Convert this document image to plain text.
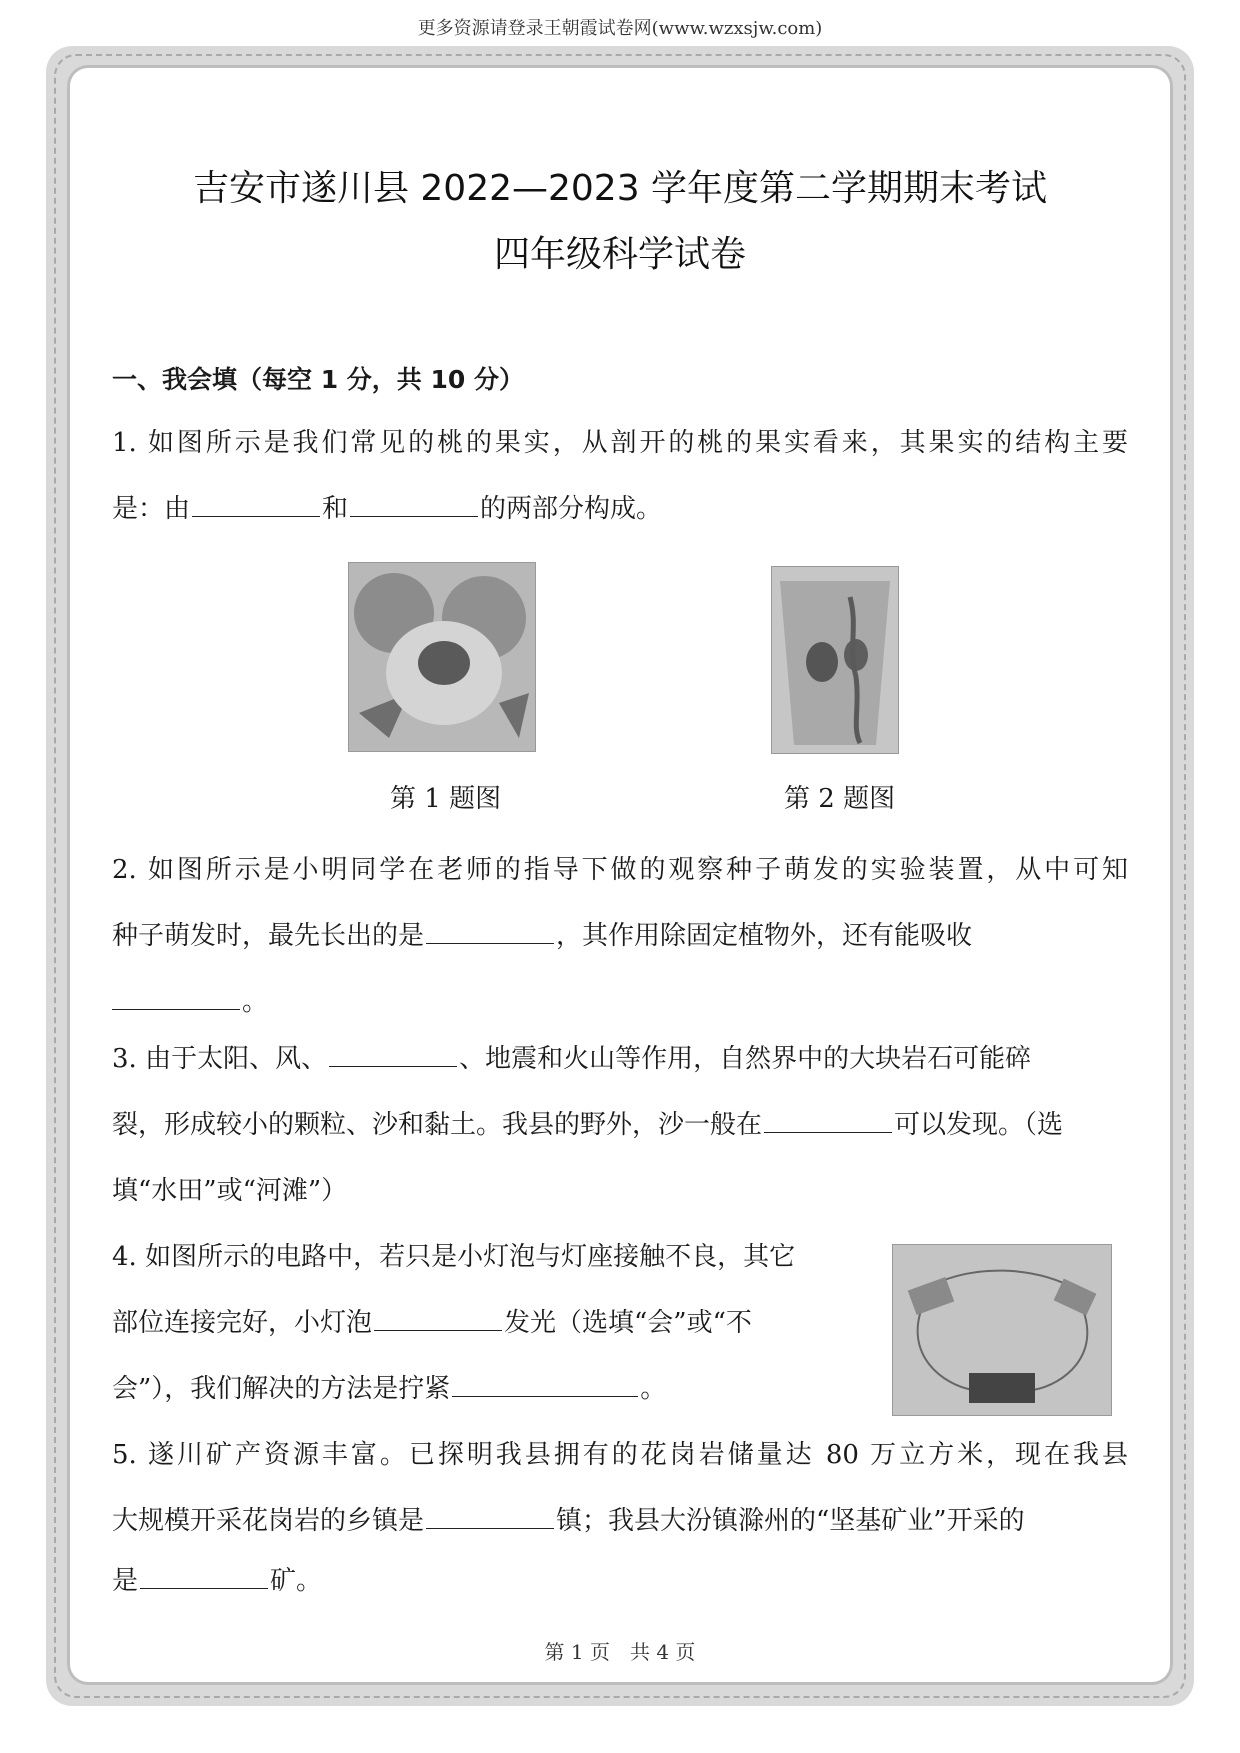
更多资源请登录王朝霞试卷网(www.wzxsjw.com)
吉安市遂川县 2022—2023 学年度第二学期期末考试
四年级科学试卷
一、我会填（每空 1 分，共 10 分）
1. 如图所示是我们常见的桃的果实，从剖开的桃的果实看来，其果实的结构主要
是：由	和	的两部分构成。
第 1 题图	第 2 题图
2. 如图所示是小明同学在老师的指导下做的观察种子萌发的实验装置，从中可知
种子萌发时，最先长出的是	，其作用除固定植物外，还有能吸收
。
3. 由于太阳、风、	、地震和火山等作用，自然界中的大块岩石可能碎
裂，形成较小的颗粒、沙和黏土。我县的野外，沙一般在	可以发现。（选
填“水田”或“河滩”）
4. 如图所示的电路中，若只是小灯泡与灯座接触不良，其它
部位连接完好，小灯泡	发光（选填“会”或“不
会”），我们解决的方法是拧紧	。
5. 遂川矿产资源丰富。已探明我县拥有的花岗岩储量达 80 万立方米，现在我县
大规模开采花岗岩的乡镇是	镇；我县大汾镇滁州的“坚基矿业”开采的
是	矿。
第 1 页　共 4 页
